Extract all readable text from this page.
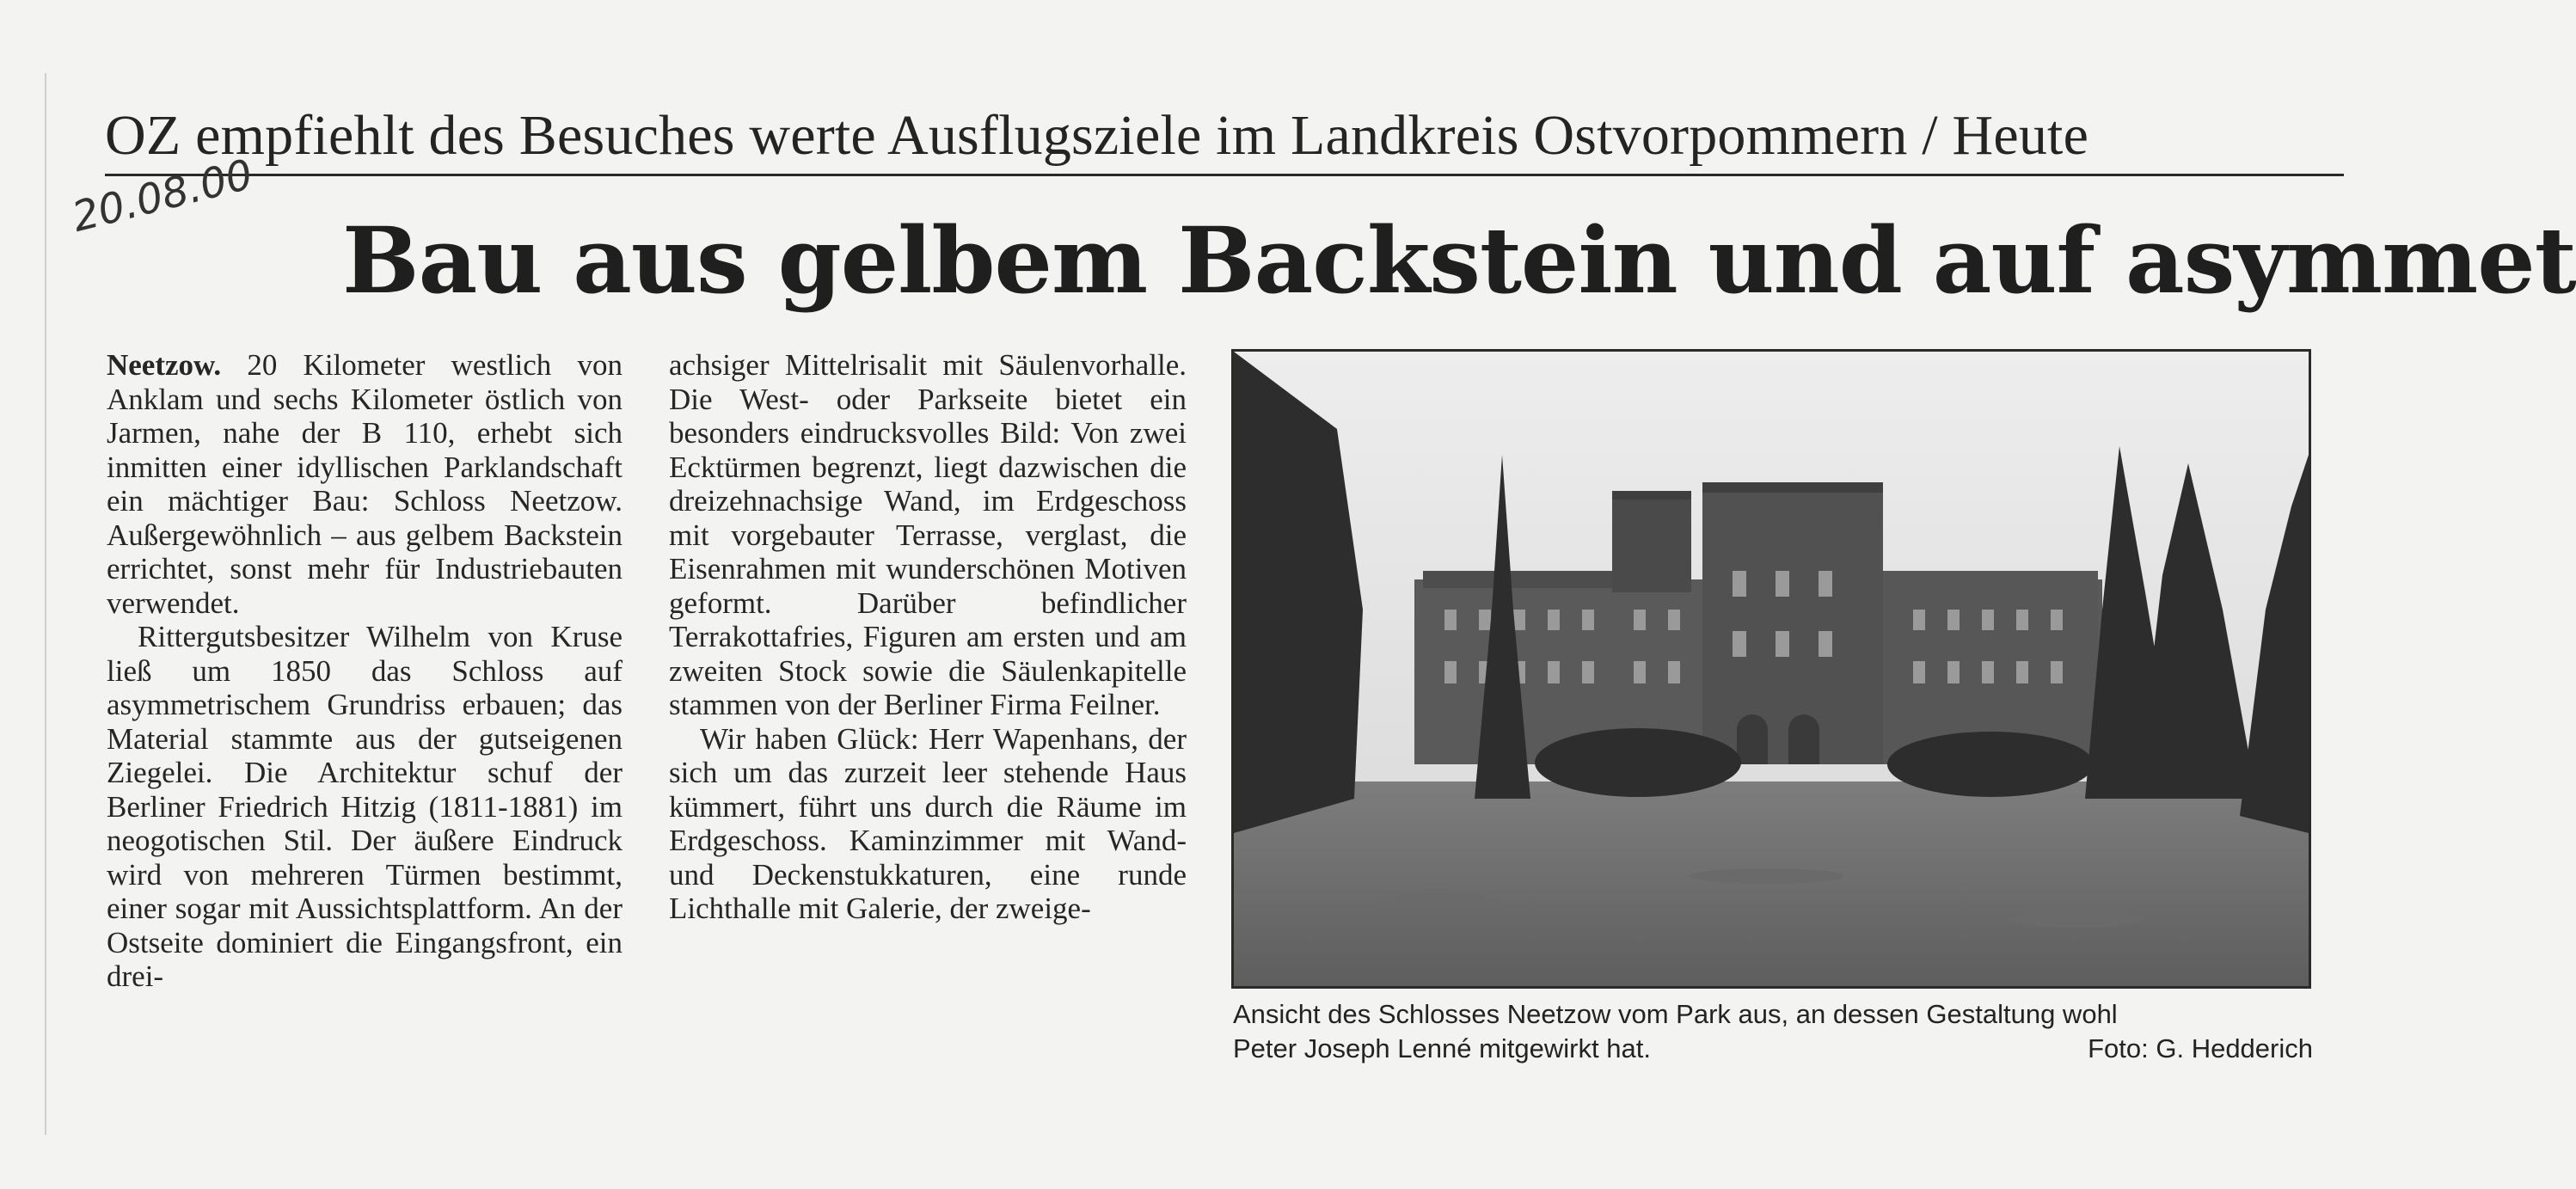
OZ empfiehlt des Besuches werte Ausflugsziele im Landkreis Ostvorpommern / Heute
20.08.00
Bau aus gelbem Backstein und auf asymmet

Neetzow. 20 Kilometer westlich von Anklam und sechs Kilometer östlich von Jarmen, nahe der B 110, erhebt sich inmitten einer idyllischen Parklandschaft ein mächtiger Bau: Schloss Neetzow. Außergewöhnlich – aus gelbem Backstein errichtet, sonst mehr für Industriebauten verwendet.

Rittergutsbesitzer Wilhelm von Kruse ließ um 1850 das Schloss auf asymmetrischem Grundriss erbauen; das Material stammte aus der gutseigenen Ziegelei. Die Architektur schuf der Berliner Friedrich Hitzig (1811-1881) im neogotischen Stil. Der äußere Eindruck wird von mehreren Türmen bestimmt, einer sogar mit Aussichtsplattform. An der Ostseite dominiert die Eingangsfront, ein drei-

achsiger Mittelrisalit mit Säulenvorhalle. Die West- oder Parkseite bietet ein besonders eindrucksvolles Bild: Von zwei Ecktürmen begrenzt, liegt dazwischen die dreizehnachsige Wand, im Erdgeschoss mit vorgebauter Terrasse, verglast, die Eisenrahmen mit wunderschönen Motiven geformt. Darüber befindlicher Terrakottafries, Figuren am ersten und am zweiten Stock sowie die Säulenkapitelle stammen von der Berliner Firma Feilner.

Wir haben Glück: Herr Wapenhans, der sich um das zurzeit leer stehende Haus kümmert, führt uns durch die Räume im Erdgeschoss. Kaminzimmer mit Wand- und Deckenstukkaturen, eine runde Lichthalle mit Galerie, der zweige-

Ansicht des Schlosses Neetzow vom Park aus, an dessen Gestaltung wohl
Peter Joseph Lenné mitgewirkt hat.	Foto: G. Hedderich
